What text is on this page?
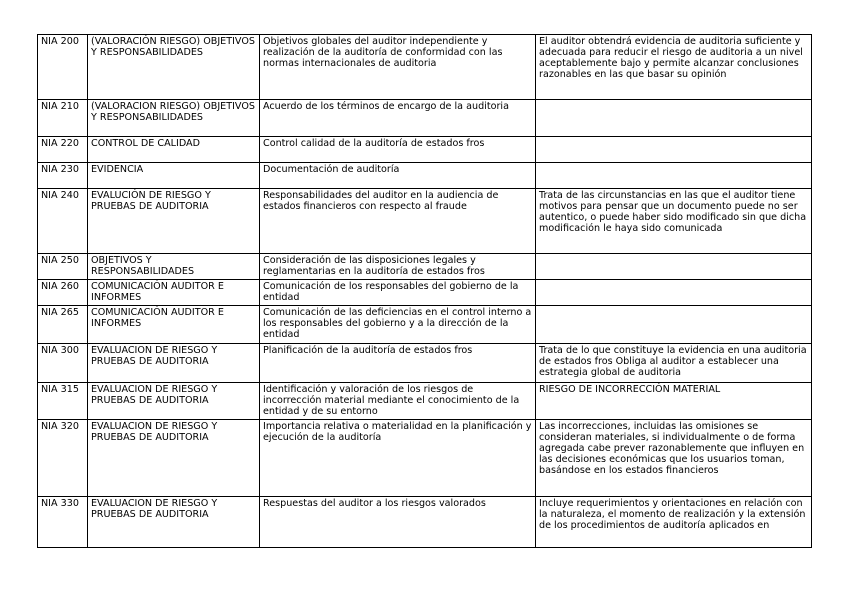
NIA 200	(VALORACIÓN RIESGO) OBJETIVOS Y RESPONSABILIDADES	Objetivos globales del auditor independiente y realización de la auditoría de conformidad con las normas internacionales de auditoria	El auditor obtendrá evidencia de auditoria suficiente y adecuada para reducir el riesgo de auditoria a un nivel aceptablemente bajo y permite alcanzar conclusiones razonables en las que basar su opinión
NIA 210	(VALORACION RIESGO) OBJETIVOS Y RESPONSABILIDADES	Acuerdo de los términos de encargo de la auditoria	
NIA 220	CONTROL DE CALIDAD	Control calidad de la auditoría de estados fros	
NIA 230	EVIDENCIA	Documentación de auditoría	
NIA 240	EVALUCIÓN DE RIESGO Y PRUEBAS DE AUDITORIA	Responsabilidades del auditor en la audiencia de estados financieros con respecto al fraude	Trata de las circunstancias en las que el auditor tiene motivos para pensar que un documento puede no ser autentico, o puede haber sido modificado sin que dicha modificación le haya sido comunicada
NIA 250	OBJETIVOS Y RESPONSABILIDADES	Consideración de las disposiciones legales y reglamentarias en la auditoría de estados fros	
NIA 260	COMUNICACIÓN AUDITOR E INFORMES	Comunicación de los responsables del gobierno de la entidad	
NIA 265	COMUNICACIÓN AUDITOR E INFORMES	Comunicación de las deficiencias en el control interno a los responsables del gobierno y a la dirección de la entidad	
NIA 300	EVALUACION DE RIESGO Y PRUEBAS DE AUDITORIA	Planificación de la auditoría de estados fros	Trata de lo que constituye la evidencia en una auditoria de estados fros Obliga al auditor a establecer una estrategia global de auditoria
NIA 315	EVALUACION DE RIESGO Y PRUEBAS DE AUDITORIA	Identificación y valoración de los riesgos de incorrección material mediante el conocimiento de la entidad y de su entorno	RIESGO DE INCORRECCIÓN MATERIAL
NIA 320	EVALUACION DE RIESGO Y PRUEBAS DE AUDITORIA	Importancia relativa o materialidad en la planificación y ejecución de la auditoría	Las incorrecciones, incluidas las omisiones se consideran materiales, si individualmente o de forma agregada cabe prever razonablemente que influyen en las decisiones económicas que los usuarios toman, basándose en los estados financieros
NIA 330	EVALUACION DE RIESGO Y PRUEBAS DE AUDITORIA	Respuestas del auditor a los riesgos valorados	Incluye requerimientos y orientaciones en relación con la naturaleza, el momento de realización y la extensión de los procedimientos de auditoría aplicados en
